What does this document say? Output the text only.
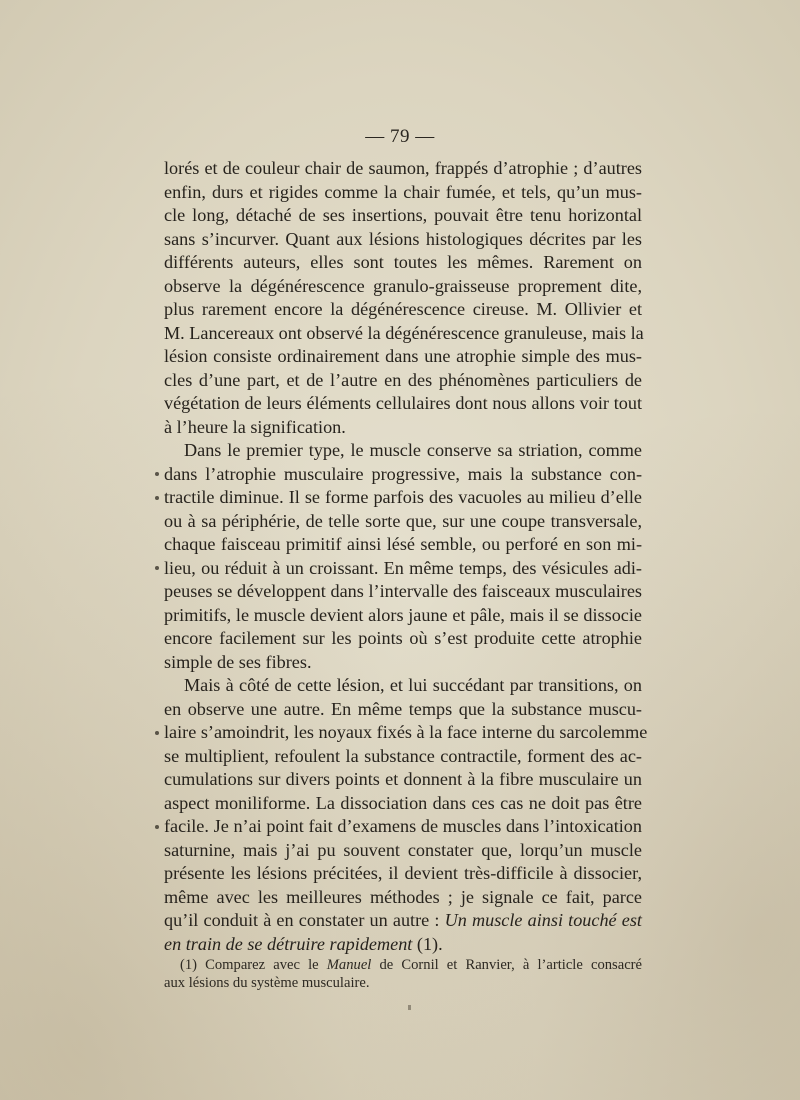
— 79 —
lorés et de couleur chair de saumon, frappés d’atrophie ; d’autres
enfin, durs et rigides comme la chair fumée, et tels, qu’un mus-
cle long, détaché de ses insertions, pouvait être tenu horizontal
sans s’incurver. Quant aux lésions histologiques décrites par les
différents auteurs, elles sont toutes les mêmes. Rarement on
observe la dégénérescence granulo-graisseuse proprement dite,
plus rarement encore la dégénérescence cireuse. M. Ollivier et
M. Lancereaux ont observé la dégénérescence granuleuse, mais la
lésion consiste ordinairement dans une atrophie simple des mus-
cles d’une part, et de l’autre en des phénomènes particuliers de
végétation de leurs éléments cellulaires dont nous allons voir tout
à l’heure la signification.
Dans le premier type, le muscle conserve sa striation, comme
dans l’atrophie musculaire progressive, mais la substance con-
tractile diminue. Il se forme parfois des vacuoles au milieu d’elle
ou à sa périphérie, de telle sorte que, sur une coupe transversale,
chaque faisceau primitif ainsi lésé semble, ou perforé en son mi-
lieu, ou réduit à un croissant. En même temps, des vésicules adi-
peuses se développent dans l’intervalle des faisceaux musculaires
primitifs, le muscle devient alors jaune et pâle, mais il se dissocie
encore facilement sur les points où s’est produite cette atrophie
simple de ses fibres.
Mais à côté de cette lésion, et lui succédant par transitions, on
en observe une autre. En même temps que la substance muscu-
laire s’amoindrit, les noyaux fixés à la face interne du sarcolemme
se multiplient, refoulent la substance contractile, forment des ac-
cumulations sur divers points et donnent à la fibre musculaire un
aspect moniliforme. La dissociation dans ces cas ne doit pas être
facile. Je n’ai point fait d’examens de muscles dans l’intoxication
saturnine, mais j’ai pu souvent constater que, lorqu’un muscle
présente les lésions précitées, il devient très-difficile à dissocier,
même avec les meilleures méthodes ; je signale ce fait, parce
qu’il conduit à en constater un autre : Un muscle ainsi touché est
en train de se détruire rapidement (1).
(1) Comparez avec le Manuel de Cornil et Ranvier, à l’article consacré
aux lésions du système musculaire.
